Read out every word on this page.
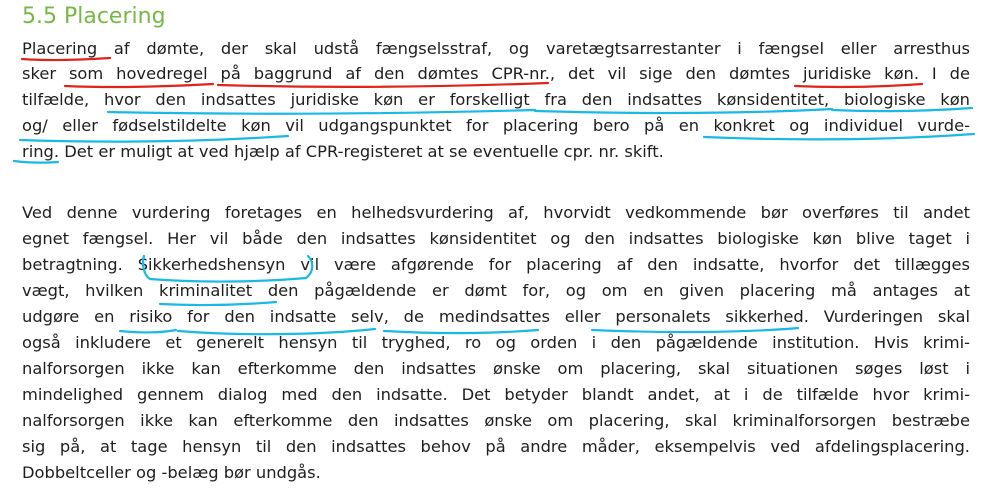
5.5 Placering

Placering af dømte, der skal udstå fængselsstraf, og varetægtsarrestanter i fængsel eller arresthus

sker som hovedregel på baggrund af den dømtes CPR-nr., det vil sige den dømtes juridiske køn. I de

tilfælde, hvor den indsattes juridiske køn er forskelligt fra den indsattes kønsidentitet, biologiske køn

og/ eller fødselstildelte køn vil udgangspunktet for placering bero på en konkret og individuel vurde-

ring. Det er muligt at ved hjælp af CPR-registeret at se eventuelle cpr. nr. skift.

Ved denne vurdering foretages en helhedsvurdering af, hvorvidt vedkommende bør overføres til andet

egnet fængsel. Her vil både den indsattes kønsidentitet og den indsattes biologiske køn blive taget i

betragtning. Sikkerhedshensyn vil være afgørende for placering af den indsatte, hvorfor det tillægges

vægt, hvilken kriminalitet den pågældende er dømt for, og om en given placering må antages at

udgøre en risiko for den indsatte selv, de medindsattes eller personalets sikkerhed. Vurderingen skal

også inkludere et generelt hensyn til tryghed, ro og orden i den pågældende institution. Hvis krimi-

nalforsorgen ikke kan efterkomme den indsattes ønske om placering, skal situationen søges løst i

mindelighed gennem dialog med den indsatte. Det betyder blandt andet, at i de tilfælde hvor krimi-

nalforsorgen ikke kan efterkomme den indsattes ønske om placering, skal kriminalforsorgen bestræbe

sig på, at tage hensyn til den indsattes behov på andre måder, eksempelvis ved afdelingsplacering.

Dobbeltceller og -belæg bør undgås.
